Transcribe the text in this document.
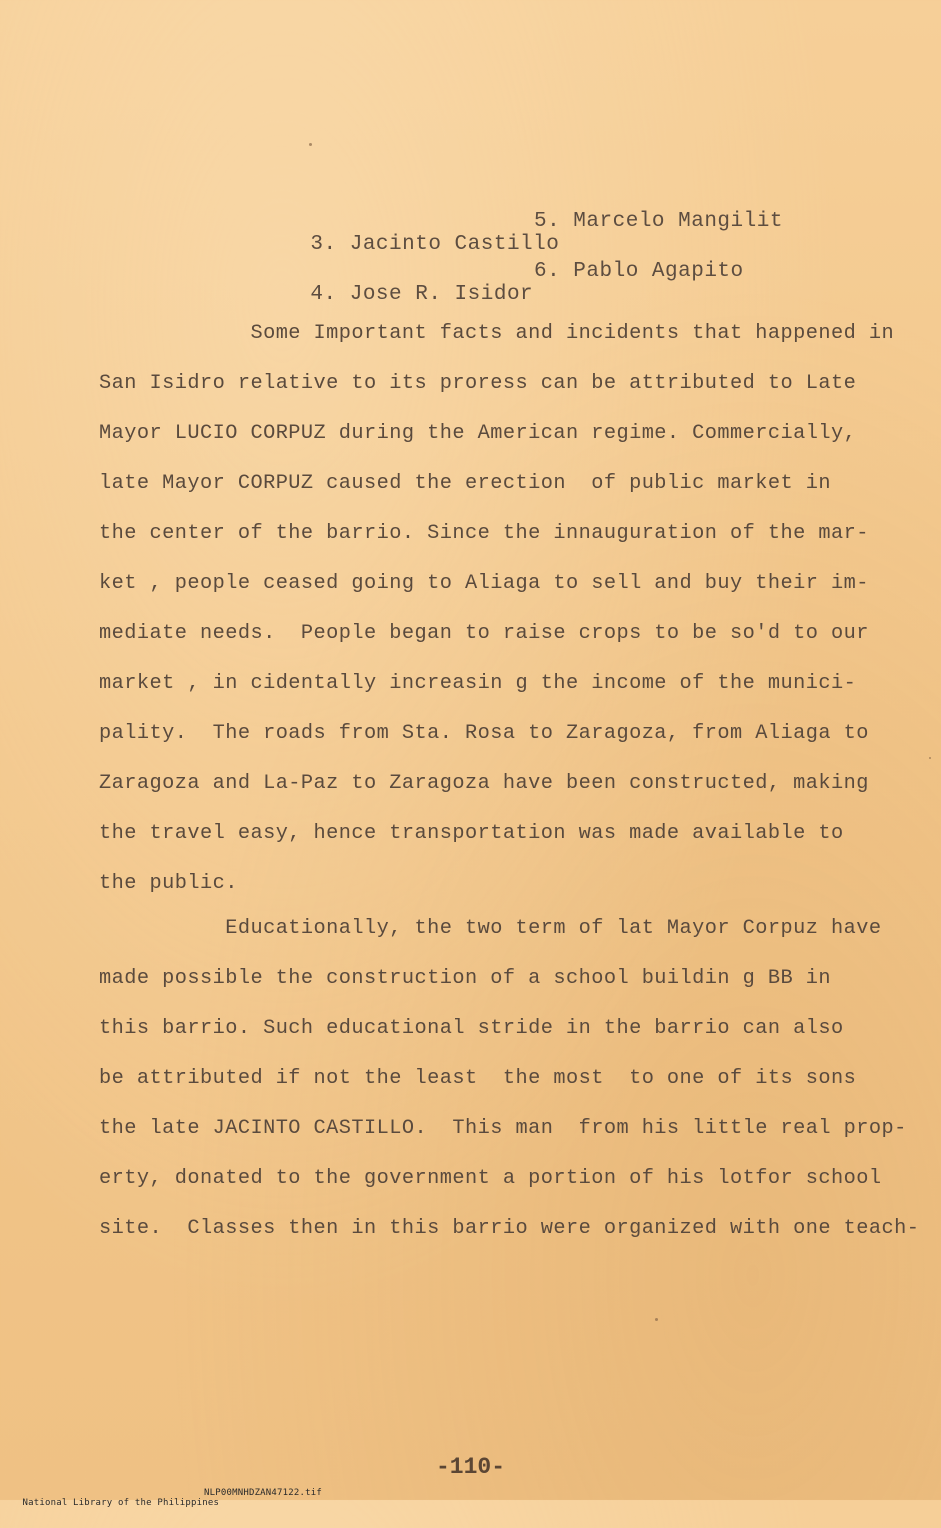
3. Jacinto Castillo

5. Marcelo Mangilit

4. Jose R. Isidor

6. Pablo Agapito

Some Important facts and incidents that happened in
San Isidro relative to its proress can be attributed to Late
Mayor LUCIO CORPUZ during the American regime. Commercially,
late Mayor CORPUZ caused the erection  of public market in
the center of the barrio. Since the innauguration of the mar-
ket , people ceased going to Aliaga to sell and buy their im-
mediate needs.  People began to raise crops to be so'd to our
market , in cidentally increasin g the income of the munici-
pality.  The roads from Sta. Rosa to Zaragoza, from Aliaga to
Zaragoza and La-Paz to Zaragoza have been constructed, making
the travel easy, hence transportation was made available to
the public.
Educationally, the two term of lat Mayor Corpuz have
made possible the construction of a school buildin g BB in
this barrio. Such educational stride in the barrio can also
be attributed if not the least  the most  to one of its sons
the late JACINTO CASTILLO.  This man  from his little real prop-
erty, donated to the government a portion of his lotfor school
site.  Classes then in this barrio were organized with one teach-
-110-

National Library of the Philippines

NLP00MNHDZAN47122.tif
